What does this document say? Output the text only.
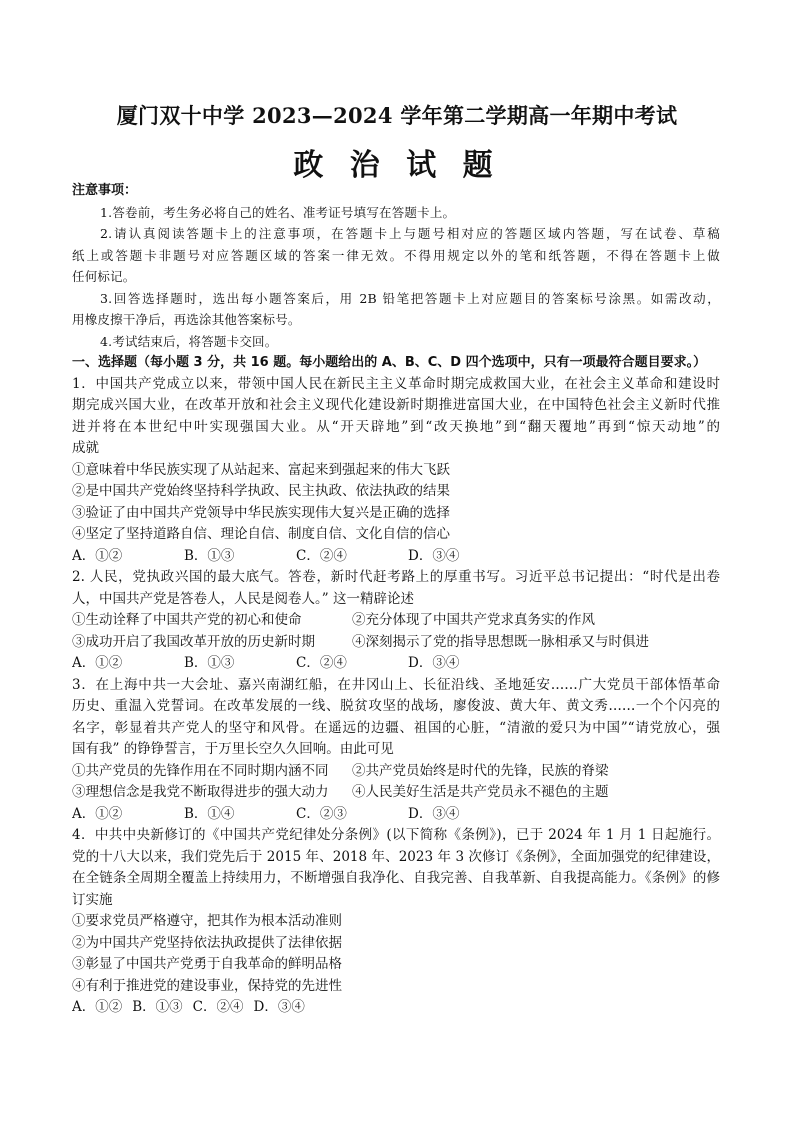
厦门双十中学 2023—2024 学年第二学期高一年期中考试
政 治 试 题
注意事项：
1.答卷前，考生务必将自己的姓名、准考证号填写在答题卡上。
2.请认真阅读答题卡上的注意事项，在答题卡上与题号相对应的答题区域内答题，写在试卷、草稿
纸上或答题卡非题号对应答题区域的答案一律无效。不得用规定以外的笔和纸答题，不得在答题卡上做
任何标记。
3.回答选择题时，选出每小题答案后，用 2B 铅笔把答题卡上对应题目的答案标号涂黑。如需改动，
用橡皮擦干净后，再选涂其他答案标号。
4.考试结束后，将答题卡交回。
一、选择题（每小题 3 分，共 16 题。每小题给出的 A、B、C、D 四个选项中，只有一项最符合题目要求。）
1．中国共产党成立以来，带领中国人民在新民主主义革命时期完成救国大业，在社会主义革命和建设时
期完成兴国大业，在改革开放和社会主义现代化建设新时期推进富国大业，在中国特色社会主义新时代推
进并将在本世纪中叶实现强国大业。从“开天辟地”到“改天换地”到“翻天覆地”再到“惊天动地”的
成就
①意味着中华民族实现了从站起来、富起来到强起来的伟大飞跃
②是中国共产党始终坚持科学执政、民主执政、依法执政的结果
③验证了由中国共产党领导中华民族实现伟大复兴是正确的选择
④坚定了坚持道路自信、理论自信、制度自信、文化自信的信心
A．①②	B．①③	C．②④	D．③④
2. 人民，党执政兴国的最大底气。答卷，新时代赶考路上的厚重书写。习近平总书记提出：“时代是出卷
人，中国共产党是答卷人，人民是阅卷人。” 这一精辟论述
①生动诠释了中国共产党的初心和使命	②充分体现了中国共产党求真务实的作风
③成功开启了我国改革开放的历史新时期	④深刻揭示了党的指导思想既一脉相承又与时俱进
A．①②	B．①③	C．②④	D．③④
3．在上海中共一大会址、嘉兴南湖红船，在井冈山上、长征沿线、圣地延安……广大党员干部体悟革命
历史、重温入党誓词。在改革发展的一线、脱贫攻坚的战场，廖俊波、黄大年、黄文秀……一个个闪亮的
名字，彰显着共产党人的坚守和风骨。在遥远的边疆、祖国的心脏，“清澈的爱只为中国”“请党放心，强
国有我” 的铮铮誓言，于万里长空久久回响。由此可见
①共产党员的先锋作用在不同时期内涵不同	②共产党员始终是时代的先锋，民族的脊梁
③理想信念是我党不断取得进步的强大动力	④人民美好生活是共产党员永不褪色的主题
A．①②	B．①④	C．②③	D．③④
4．中共中央新修订的《中国共产党纪律处分条例》(以下简称《条例》)，已于 2024 年 1 月 1 日起施行。
党的十八大以来，我们党先后于 2015 年、2018 年、2023 年 3 次修订《条例》，全面加强党的纪律建设，
在全链条全周期全覆盖上持续用力，不断增强自我净化、自我完善、自我革新、自我提高能力。《条例》的修
订实施
①要求党员严格遵守，把其作为根本活动准则
②为中国共产党坚持依法执政提供了法律依据
③彰显了中国共产党勇于自我革命的鲜明品格
④有利于推进党的建设事业，保持党的先进性
A．①② B．①③ C．②④ D．③④
